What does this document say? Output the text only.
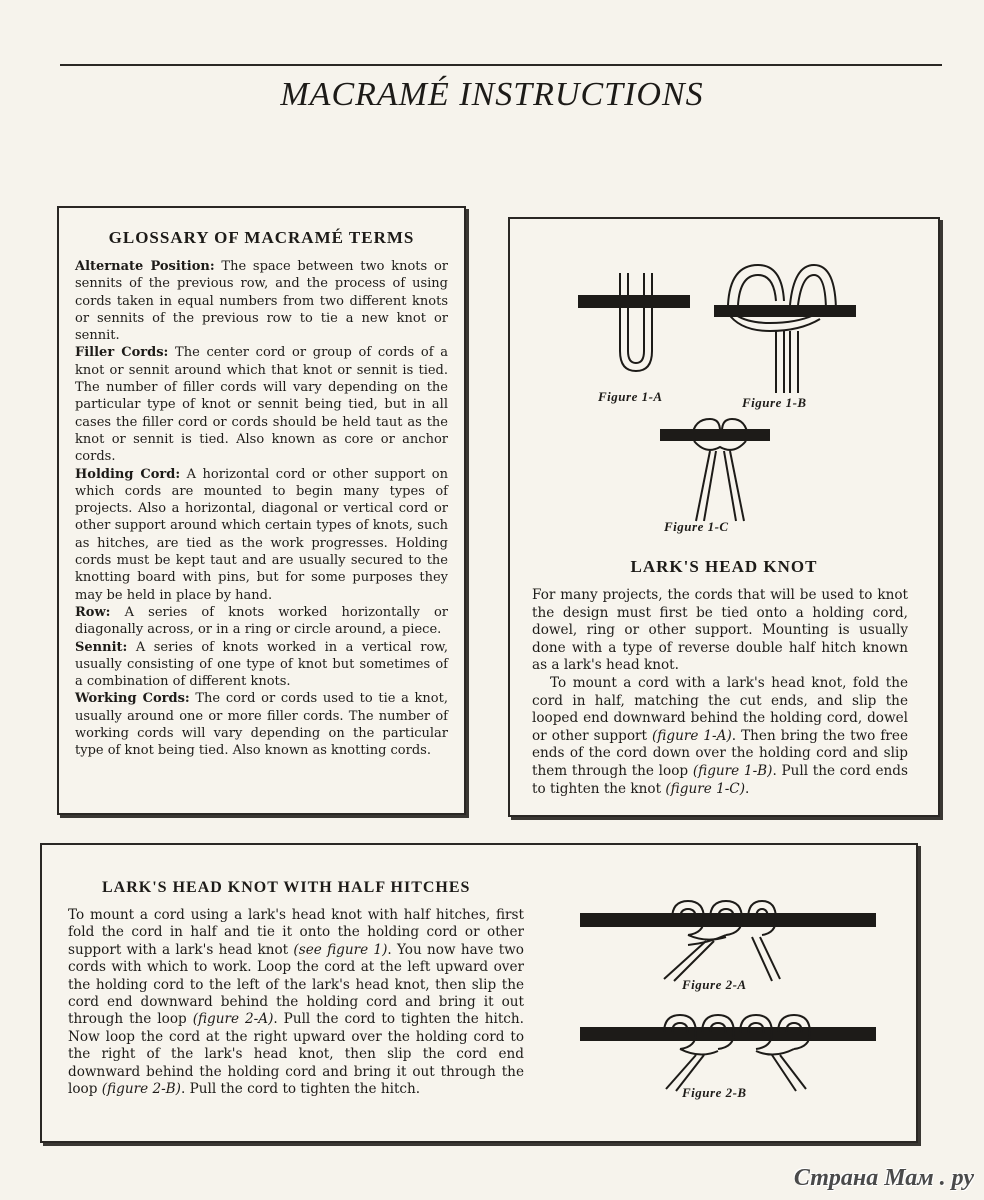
MACRAMÉ INSTRUCTIONS
GLOSSARY OF MACRAMÉ TERMS

Alternate Position: The space between two knots or sennits of the previous row, and the process of using cords taken in equal numbers from two different knots or sennits of the previous row to tie a new knot or sennit.

Filler Cords: The center cord or group of cords of a knot or sennit around which that knot or sennit is tied. The number of filler cords will vary depending on the particular type of knot or sennit being tied, but in all cases the filler cord or cords should be held taut as the knot or sennit is tied. Also known as core or anchor cords.

Holding Cord: A horizontal cord or other support on which cords are mounted to begin many types of projects. Also a horizontal, diagonal or vertical cord or other support around which certain types of knots, such as hitches, are tied as the work progresses. Holding cords must be kept taut and are usually secured to the knotting board with pins, but for some purposes they may be held in place by hand.

Row: A series of knots worked horizontally or diagonally across, or in a ring or circle around, a piece.

Sennit: A series of knots worked in a vertical row, usually consisting of one type of knot but sometimes of a combination of different knots.

Working Cords: The cord or cords used to tie a knot, usually around one or more filler cords. The number of working cords will vary depending on the particular type of knot being tied. Also known as knotting cords.

Figure 1-A	Figure 1-B
Figure 1-C
LARK'S HEAD KNOT

For many projects, the cords that will be used to knot the design must first be tied onto a holding cord, dowel, ring or other support. Mounting is usually done with a type of reverse double half hitch known as a lark's head knot.

To mount a cord with a lark's head knot, fold the cord in half, matching the cut ends, and slip the looped end downward behind the holding cord, dowel or other support (figure 1-A). Then bring the two free ends of the cord down over the holding cord and slip them through the loop (figure 1-B). Pull the cord ends to tighten the knot (figure 1-C).

LARK'S HEAD KNOT WITH HALF HITCHES

To mount a cord using a lark's head knot with half hitches, first fold the cord in half and tie it onto the holding cord or other support with a lark's head knot (see figure 1). You now have two cords with which to work. Loop the cord at the left upward over the holding cord to the left of the lark's head knot, then slip the cord end downward behind the holding cord and bring it out through the loop (figure 2-A). Pull the cord to tighten the hitch. Now loop the cord at the right upward over the holding cord to the right of the lark's head knot, then slip the cord end downward behind the holding cord and bring it out through the loop (figure 2-B). Pull the cord to tighten the hitch.

Figure 2-A
Figure 2-B
Страна Мам . ру
